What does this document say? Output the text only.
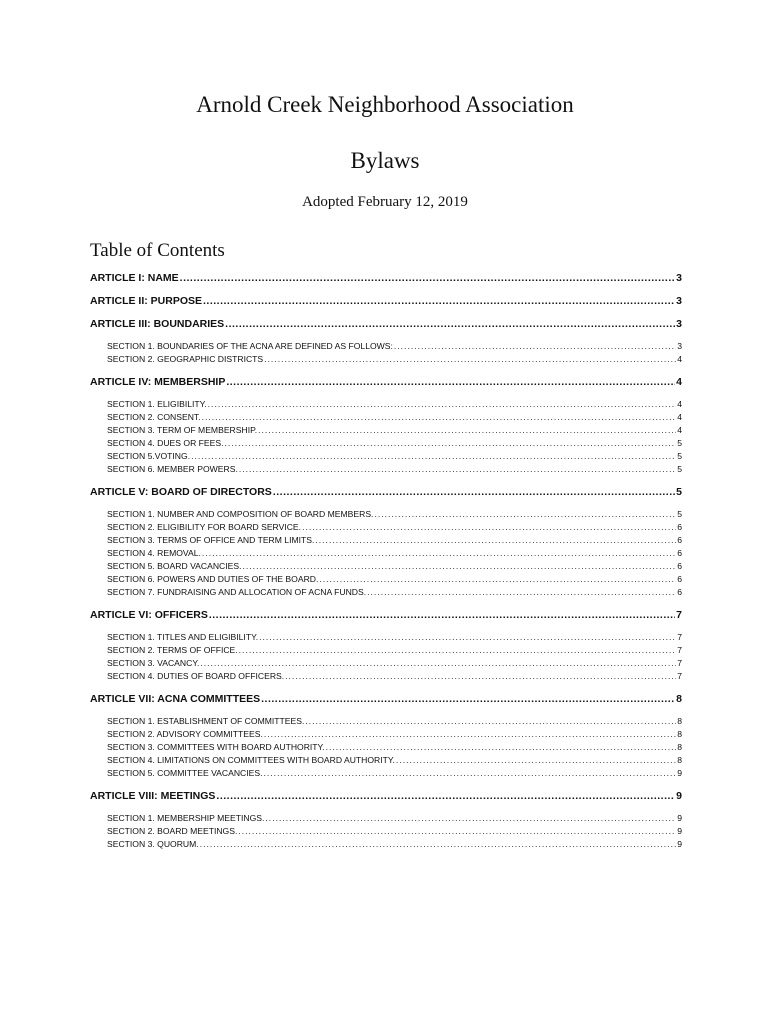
Arnold Creek Neighborhood Association
Bylaws
Adopted February 12, 2019
Table of Contents
ARTICLE I: NAME .....	3
ARTICLE II: PURPOSE .....	3
ARTICLE III: BOUNDARIES .....	3
SECTION 1. BOUNDARIES OF THE ACNA ARE DEFINED AS FOLLOWS: .....	3
SECTION 2. GEOGRAPHIC DISTRICTS .....	4
ARTICLE IV: MEMBERSHIP .....	4
SECTION 1. ELIGIBILITY. .....	4
SECTION 2. CONSENT. .....	4
SECTION 3. TERM OF MEMBERSHIP. .....	4
SECTION 4. DUES OR FEES. .....	5
SECTION 5.VOTING. .....	5
SECTION 6. MEMBER POWERS. .....	5
ARTICLE V: BOARD OF DIRECTORS .....	5
SECTION 1. NUMBER AND COMPOSITION OF BOARD MEMBERS. .....	5
SECTION 2. ELIGIBILITY FOR BOARD SERVICE. .....	6
SECTION 3. TERMS OF OFFICE AND TERM LIMITS. .....	6
SECTION 4. REMOVAL. .....	6
SECTION 5. BOARD VACANCIES. .....	6
SECTION 6. POWERS AND DUTIES OF THE BOARD. .....	6
SECTION 7. FUNDRAISING AND ALLOCATION OF ACNA FUNDS. .....	6
ARTICLE VI: OFFICERS .....	7
SECTION 1. TITLES AND ELIGIBILITY. .....	7
SECTION 2. TERMS OF OFFICE. .....	7
SECTION 3. VACANCY. .....	7
SECTION 4. DUTIES OF BOARD OFFICERS. .....	7
ARTICLE VII: ACNA COMMITTEES .....	8
SECTION 1. ESTABLISHMENT OF COMMITTEES. .....	8
SECTION 2. ADVISORY COMMITTEES. .....	8
SECTION 3. COMMITTEES WITH BOARD AUTHORITY. .....	8
SECTION 4. LIMITATIONS ON COMMITTEES WITH BOARD AUTHORITY. .....	8
SECTION 5. COMMITTEE VACANCIES. .....	9
ARTICLE VIII: MEETINGS .....	9
SECTION 1. MEMBERSHIP MEETINGS. .....	9
SECTION 2. BOARD MEETINGS. .....	9
SECTION 3. QUORUM. .....	9
